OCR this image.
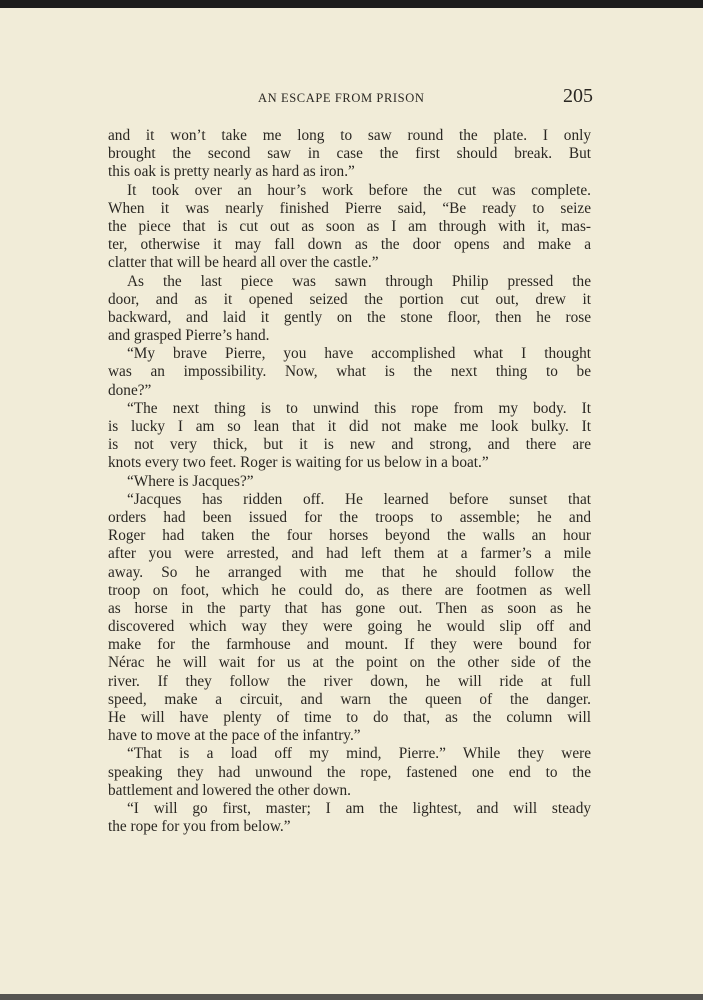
AN ESCAPE FROM PRISON	205
and it won’t take me long to saw round the plate. I only
brought the second saw in case the first should break. But
this oak is pretty nearly as hard as iron.”
It took over an hour’s work before the cut was complete.
When it was nearly finished Pierre said, “Be ready to seize
the piece that is cut out as soon as I am through with it, mas-
ter, otherwise it may fall down as the door opens and make a
clatter that will be heard all over the castle.”
As the last piece was sawn through Philip pressed the
door, and as it opened seized the portion cut out, drew it
backward, and laid it gently on the stone floor, then he rose
and grasped Pierre’s hand.
“My brave Pierre, you have accomplished what I thought
was an impossibility. Now, what is the next thing to be
done?”
“The next thing is to unwind this rope from my body. It
is lucky I am so lean that it did not make me look bulky. It
is not very thick, but it is new and strong, and there are
knots every two feet. Roger is waiting for us below in a boat.”
“Where is Jacques?”
“Jacques has ridden off. He learned before sunset that
orders had been issued for the troops to assemble; he and
Roger had taken the four horses beyond the walls an hour
after you were arrested, and had left them at a farmer’s a mile
away. So he arranged with me that he should follow the
troop on foot, which he could do, as there are footmen as well
as horse in the party that has gone out. Then as soon as he
discovered which way they were going he would slip off and
make for the farmhouse and mount. If they were bound for
Nérac he will wait for us at the point on the other side of the
river. If they follow the river down, he will ride at full
speed, make a circuit, and warn the queen of the danger.
He will have plenty of time to do that, as the column will
have to move at the pace of the infantry.”
“That is a load off my mind, Pierre.” While they were
speaking they had unwound the rope, fastened one end to the
battlement and lowered the other down.
“I will go first, master; I am the lightest, and will steady
the rope for you from below.”
